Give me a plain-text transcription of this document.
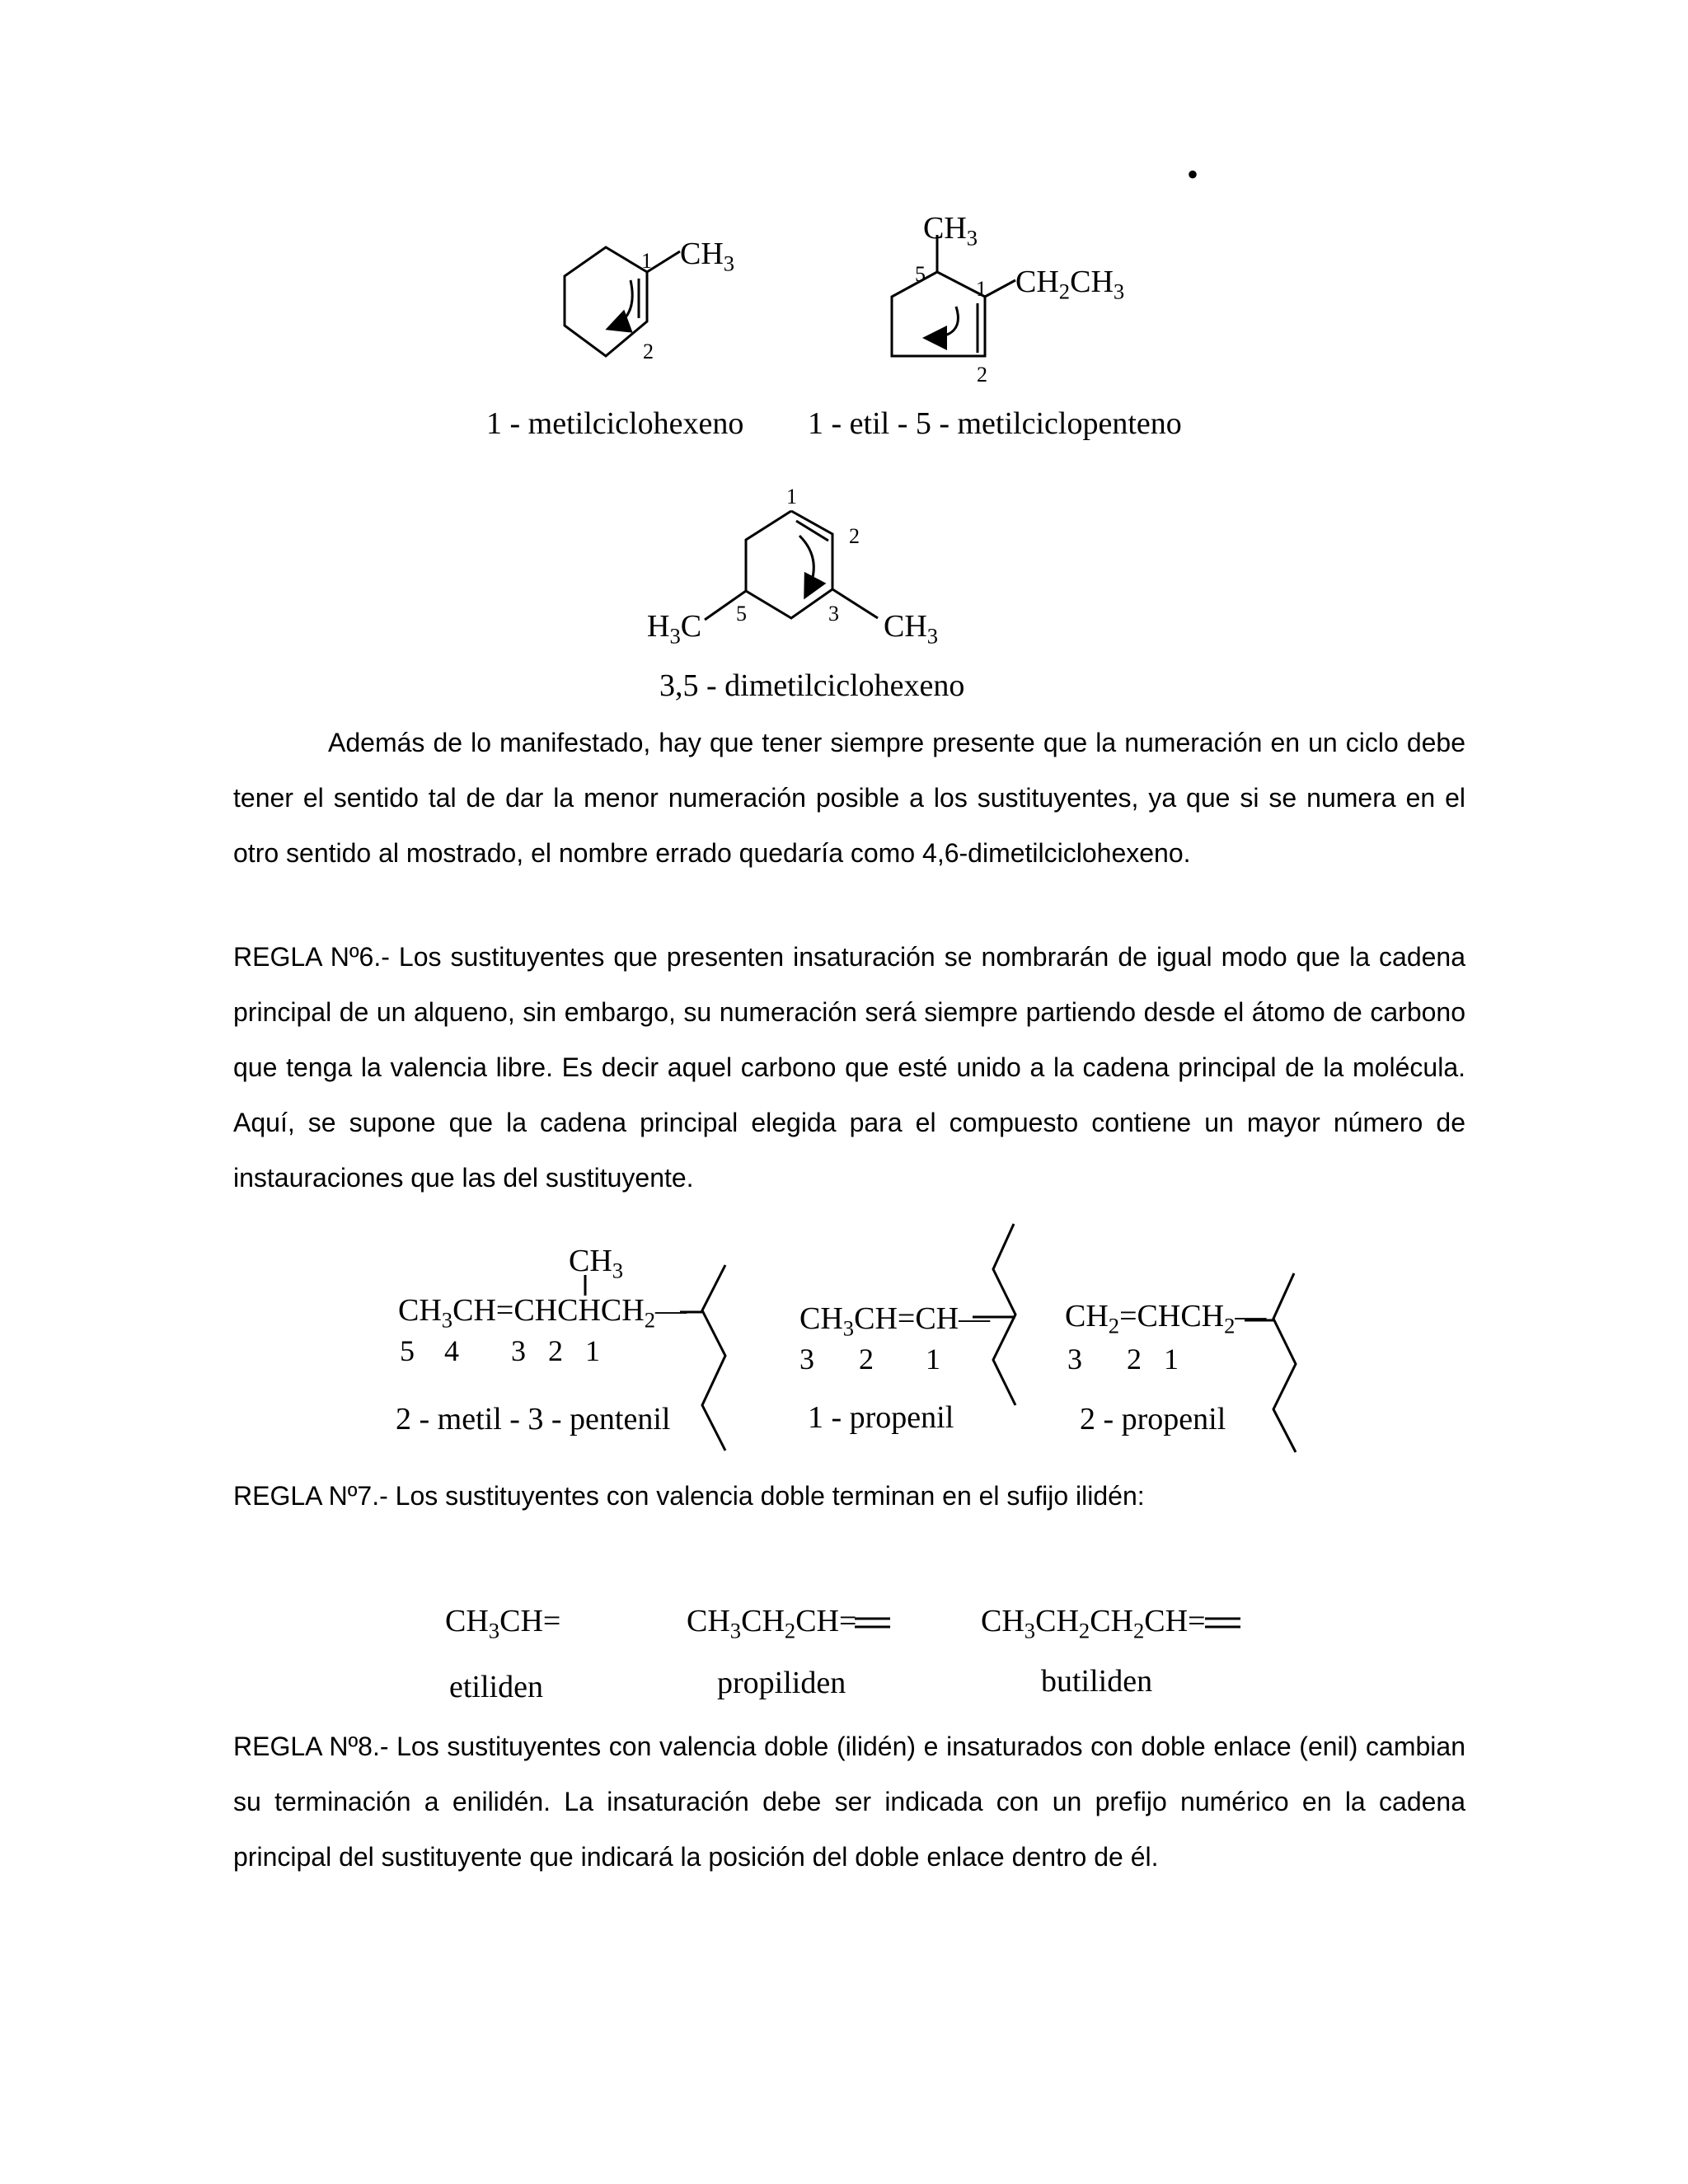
•
$CH_3$
1
2
1 - metilciclohexeno
$CH_3$
$CH_2CH_3$
5
1
2
1 - etil - 5 - metilciclopenteno
1
2
3
5
$H_3C$	$CH_3$
3,5 - dimetilciclohexeno

Además de lo manifestado, hay que tener siempre presente que la numeración en un ciclo debe tener el sentido tal de dar la menor numeración posible a los sustituyentes, ya que si se numera en el otro sentido al mostrado, el nombre errado quedaría como 4,6-dimetilciclohexeno.

REGLA Nº6.- Los sustituyentes que presenten insaturación se nombrarán de igual modo que la cadena principal de un alqueno, sin embargo, su numeración será siempre partiendo desde el átomo de carbono que tenga la valencia libre. Es decir aquel carbono que esté unido a la cadena principal de la molécula. Aquí, se supone que la cadena principal elegida para el compuesto contiene un mayor número de instauraciones que las del sustituyente.

$CH_3$
$CH_3CH=CHCHCH_2—$
5 4 3 2 1
2 - metil - 3 - pentenil
$CH_3CH=CH—$
3 2 1
1 - propenil
$CH_2=CHCH_2—$
3 2 1
2 - propenil

REGLA Nº7.- Los sustituyentes con valencia doble terminan en el sufijo ilidén:

$CH_3CH=$
etiliden
$CH_3CH_2CH=$
propiliden
$CH_3CH_2CH_2CH=$
butiliden

REGLA Nº8.- Los sustituyentes con valencia doble (ilidén) e insaturados con doble enlace (enil) cambian su terminación a enilidén. La insaturación debe ser indicada con un prefijo numérico en la cadena principal del sustituyente que indicará la posición del doble enlace dentro de él.
